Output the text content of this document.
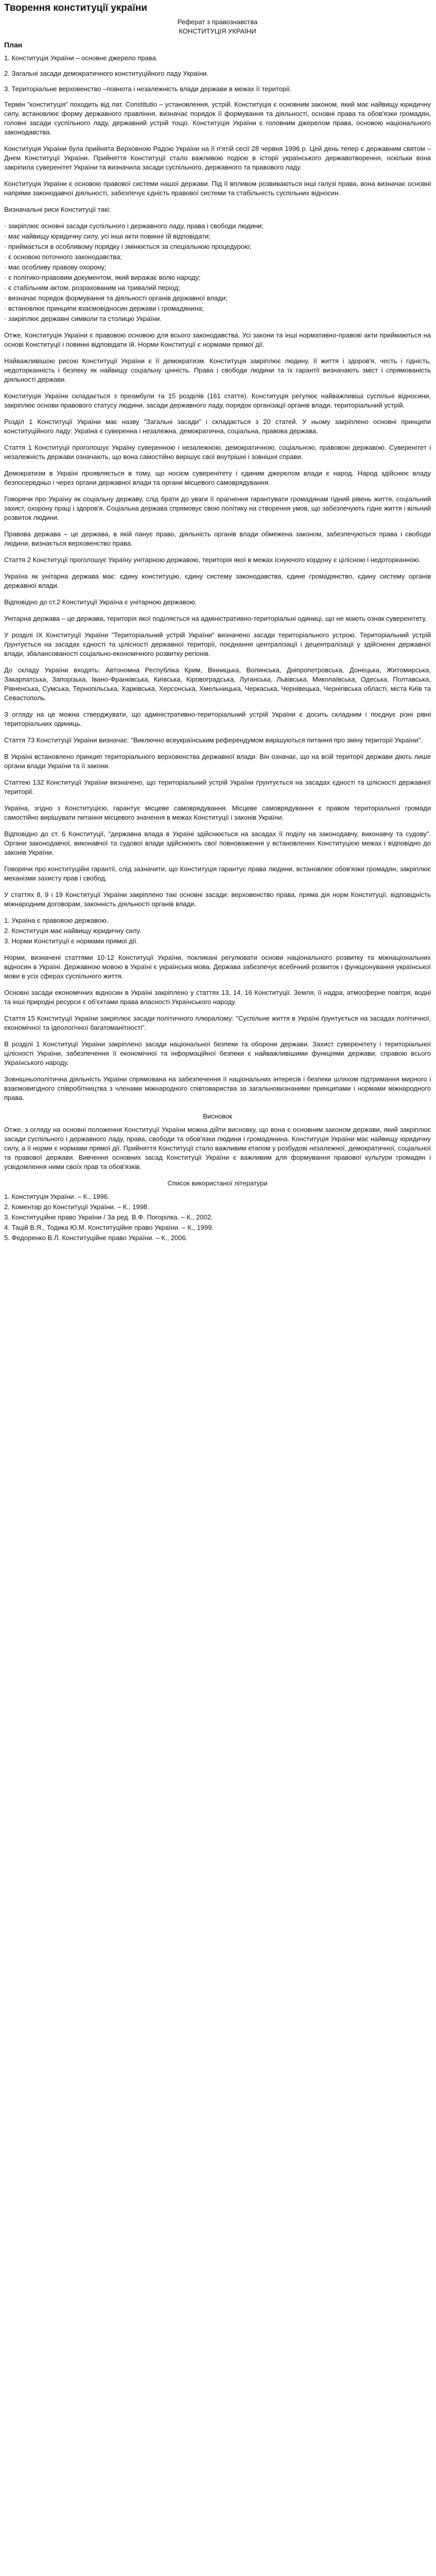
Творення конституції україни
Реферат з правознавства
КОНСТИТУЦІЯ УКРАЇНИ
План

1. Конституція України – основне джерело права.

2. Загальні засади демократичного конституційного ладу України.

3. Територіальне верховенство –повнота і незалежність влади держави в межах її території.

Термін "конституція" походить від лат. Constitutio – установлення, устрій. Конституція є основним законом, який має найвищу юридичну силу, встановлює форму державного правління, визначає порядок її формування та діяльності, основні права та обов'язки громадян, головні засади суспільного ладу, державний устрій тощо. Конституція України є головним джерелом права, основою національного законодавства.

Конституція України була прийнята Верховною Радою України на її п'ятій сесії 28 червня 1996 р. Цей день тепер є державним святом – Днем Конституції України. Прийняття Конституції стало важливою подією в історії українського державотворення, оскільки вона закріпила суверенітет України та визначила засади суспільного, державного та правового ладу.

Конституція України є основою правової системи нашої держави. Під її впливом розвиваються інші галузі права, вона визначає основні напрями законодавчої діяльності, забезпечує єдність правової системи та стабільність суспільних відносин.

Визначальні риси Конституції такі:

· закріплює основні засади суспільного і державного ладу, права і свободи людини;
· має найвищу юридичну силу, усі інші акти повинні їй відповідати;
· приймається в особливому порядку і змінюється за спеціальною процедурою;
· є основою поточного законодавства;
· має особливу правову охорону;
· є політико-правовим документом, який виражає волю народу;
· є стабільним актом, розрахованим на тривалий період;
· визначає порядок формування та діяльності органів державної влади;
· встановлює принципи взаємовідносин держави і громадянина;
· закріплює державні символи та столицю України.

Отже, Конституція України є правовою основою для всього законодавства. Усі закони та інші нормативно-правові акти приймаються на основі Конституції і повинні відповідати їй. Норми Конституції є нормами прямої дії.

Найважливішою рисою Конституції України є її демократизм. Конституція закріплює людину, її життя і здоров'я, честь і гідність, недоторканність і безпеку як найвищу соціальну цінність. Права і свободи людини та їх гарантії визначають зміст і спрямованість діяльності держави.

Конституція України складається з преамбули та 15 розділів (161 стаття). Конституція регулює найважливіші суспільні відносини, закріплює основи правового статусу людини, засади державного ладу, порядок організації органів влади, територіальний устрій.

Розділ 1 Конституції України має назву "Загальні засади" і складається з 20 статей. У ньому закріплено основні принципи конституційного ладу: Україна є суверенна і незалежна, демократична, соціальна, правова держава.

Стаття 1 Конституції проголошує Україну суверенною і незалежною, демократичною, соціальною, правовою державою. Суверенітет і незалежність держави означають, що вона самостійно вирішує свої внутрішні і зовнішні справи.

Демократизм в Україні проявляється в тому, що носієм суверенітету і єдиним джерелом влади є народ. Народ здійснює владу безпосередньо і через органи державної влади та органи місцевого самоврядування.

Говорячи про Україну як соціальну державу, слід брати до уваги її прагнення гарантувати громадянам гідний рівень життя, соціальний захист, охорону праці і здоров'я. Соціальна держава спрямовує свою політику на створення умов, що забезпечують гідне життя і вільний розвиток людини.

Правова держава – це держава, в якій панує право, діяльність органів влади обмежена законом, забезпечуються права і свободи людини, визнається верховенство права.

Стаття 2 Конституції проголошує Україну унітарною державою, територія якої в межах існуючого кордону є цілісною і недоторканною.

Україна як унітарна держава має: єдину конституцію, єдину систему законодавства, єдине громадянство, єдину систему органів державної влади.

Відповідно до ст.2 Конституції Україна є унітарною державою.

Унітарна держава – це держава, територія якої поділяється на адміністративно-територіальні одиниці, що не мають ознак суверенітету.

У розділі IX Конституції України "Територіальний устрій України" визначено засади територіального устрою. Територіальний устрій ґрунтується на засадах єдності та цілісності державної території, поєднання централізації і децентралізації у здійсненні державної влади, збалансованості соціально-економічного розвитку регіонів.

До складу України входять: Автономна Республіка Крим, Вінницька, Волинська, Дніпропетровська, Донецька, Житомирська, Закарпатська, Запорізька, Івано-Франківська, Київська, Кіровоградська, Луганська, Львівська, Миколаївська, Одеська, Полтавська, Рівненська, Сумська, Тернопільська, Харківська, Херсонська, Хмельницька, Черкаська, Чернівецька, Чернігівська області, міста Київ та Севастополь.

З огляду на це можна стверджувати, що адміністративно-територіальний устрій України є досить складним і поєднує різні рівні територіальних одиниць.

Стаття 73 Конституції України визначає: "Виключно всеукраїнським референдумом вирішуються питання про зміну території України".

В Україні встановлено принцип територіального верховенства державної влади. Він означає, що на всій території держави діють лише органи влади України та її закони.

Статтею 132 Конституції України визначено, що територіальний устрій України ґрунтується на засадах єдності та цілісності державної території.

Україна, згідно з Конституцією, гарантує місцеве самоврядування. Місцеве самоврядування є правом територіальної громади самостійно вирішувати питання місцевого значення в межах Конституції і законів України.

Відповідно до ст. 6 Конституції, "державна влада в Україні здійснюється на засадах її поділу на законодавчу, виконавчу та судову". Органи законодавчої, виконавчої та судової влади здійснюють свої повноваження у встановлених Конституцією межах і відповідно до законів України.

Говорячи про конституційні гарантії, слід зазначити, що Конституція гарантує права людини, встановлює обов'язки громадян, закріплює механізми захисту прав і свобод.

У статтях 8, 9 і 19 Конституції України закріплено такі основні засади: верховенство права, пряма дія норм Конституції, відповідність міжнародним договорам, законність діяльності органів влади.

1. Україна є правовою державою.
2. Конституція має найвищу юридичну силу.
3. Норми Конституції є нормами прямої дії.

Норми, визначені статтями 10-12 Конституції України, покликані регулювати основи національного розвитку та міжнаціональних відносин в Україні. Державною мовою в Україні є українська мова. Держава забезпечує всебічний розвиток і функціонування української мови в усіх сферах суспільного життя.

Основні засади економічних відносин в Україні закріплено у статтях 13, 14, 16 Конституції. Земля, її надра, атмосферне повітря, водні та інші природні ресурси є об'єктами права власності Українського народу.

Стаття 15 Конституції України закріплює засади політичного плюралізму: "Суспільне життя в Україні ґрунтується на засадах політичної, економічної та ідеологічної багатоманітності".

В розділі 1 Конституції України закріплено засади національної безпеки та оборони держави. Захист суверенітету і територіальної цілісності України, забезпечення її економічної та інформаційної безпеки є найважливішими функціями держави, справою всього Українського народу.

Зовнішньополітична діяльність України спрямована на забезпечення її національних інтересів і безпеки шляхом підтримання мирного і взаємовигідного співробітництва з членами міжнародного співтовариства за загальновизнаними принципами і нормами міжнародного права.

Висновок

Отже, з огляду на основні положення Конституції України можна дійти висновку, що вона є основним законом держави, який закріплює засади суспільного і державного ладу, права, свободи та обов'язки людини і громадянина. Конституція України має найвищу юридичну силу, а її норми є нормами прямої дії. Прийняття Конституції стало важливим етапом у розбудові незалежної, демократичної, соціальної та правової держави. Вивчення основних засад Конституції України є важливим для формування правової культури громадян і усвідомлення ними своїх прав та обов'язків.

Список використаної літератури
1. Конституція України. – К., 1996.
2. Коментар до Конституції України. – К., 1998.
3. Конституційне право України / За ред. В.Ф. Погорілка. – К., 2002.
4. Тацій В.Я., Тодика Ю.М. Конституційне право України. – К., 1999.
5. Федоренко В.Л. Конституційне право України. – К., 2006.
